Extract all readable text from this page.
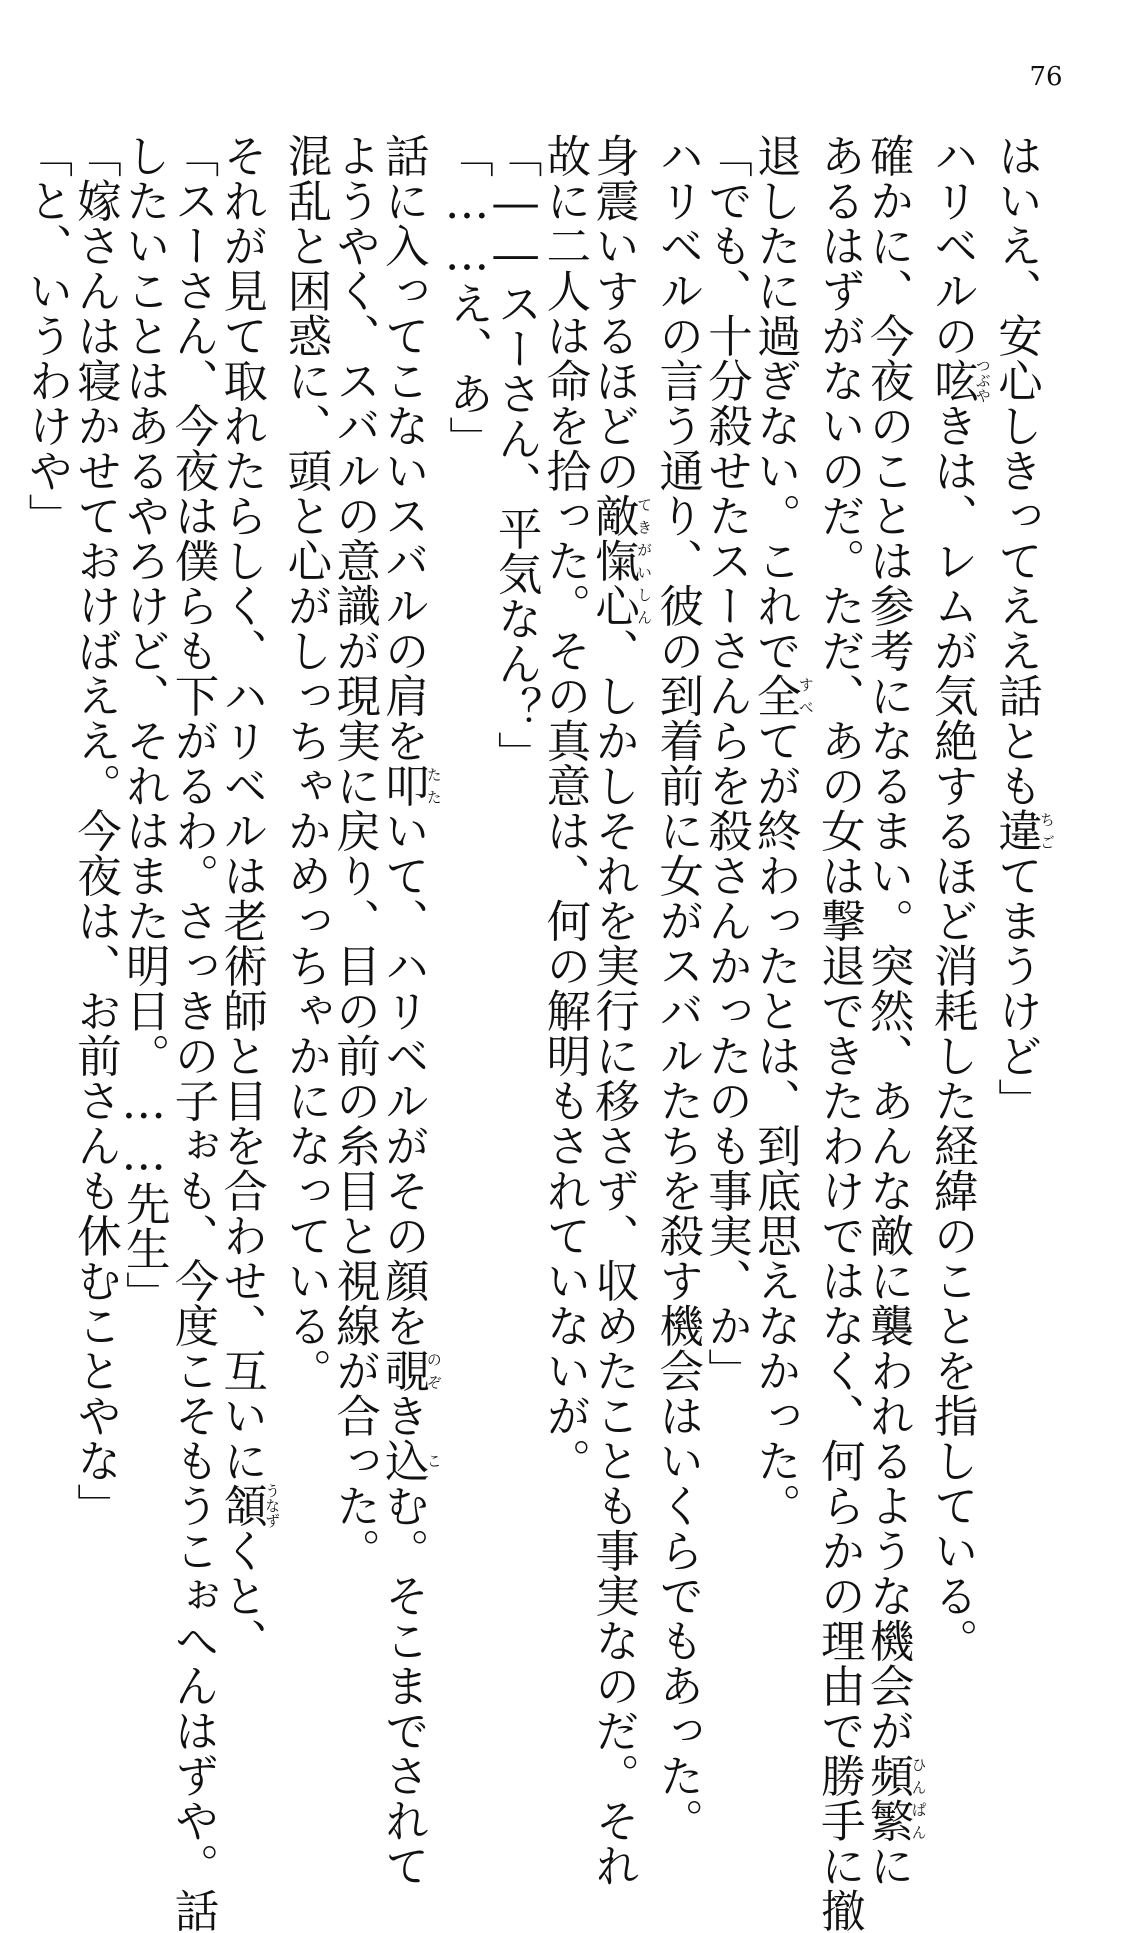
76
はいえ、安心しきってええ話とも違ちごてまうけど」
ハリベルの呟つぶやきは、レムが気絶するほど消耗した経緯のことを指している。
確かに、今夜のことは参考になるまい。突然、あんな敵に襲われるような機会が頻繁ひんぱんに
あるはずがないのだ。ただ、あの女は撃退できたわけではなく、何らかの理由で勝手に撤
退したに過ぎない。これで全すべてが終わったとは、到底思えなかった。
「でも、十分殺せたスーさんらを殺さんかったのも事実、か」
ハリベルの言う通り、彼の到着前に女がスバルたちを殺す機会はいくらでもあった。
身震いするほどの敵愾心てきがいしん、しかしそれを実行に移さず、収めたことも事実なのだ。それ
故に二人は命を拾った。その真意は、何の解明もされていないが。
「――スーさん、平気なん？」
「……え、あ」
話に入ってこないスバルの肩を叩たたいて、ハリベルがその顔を覗のぞき込こむ。そこまでされて
ようやく、スバルの意識が現実に戻り、目の前の糸目と視線が合った。
混乱と困惑に、頭と心がしっちゃかめっちゃかになっている。
それが見て取れたらしく、ハリベルは老術師と目を合わせ、互いに頷うなずくと、
「スーさん、今夜は僕らも下がるわ。さっきの子ぉも、今度こそもうこぉへんはずや。話
したいことはあるやろけど、それはまた明日。……先生」
「嫁さんは寝かせておけばええ。今夜は、お前さんも休むことやな」
「と、いうわけや」
